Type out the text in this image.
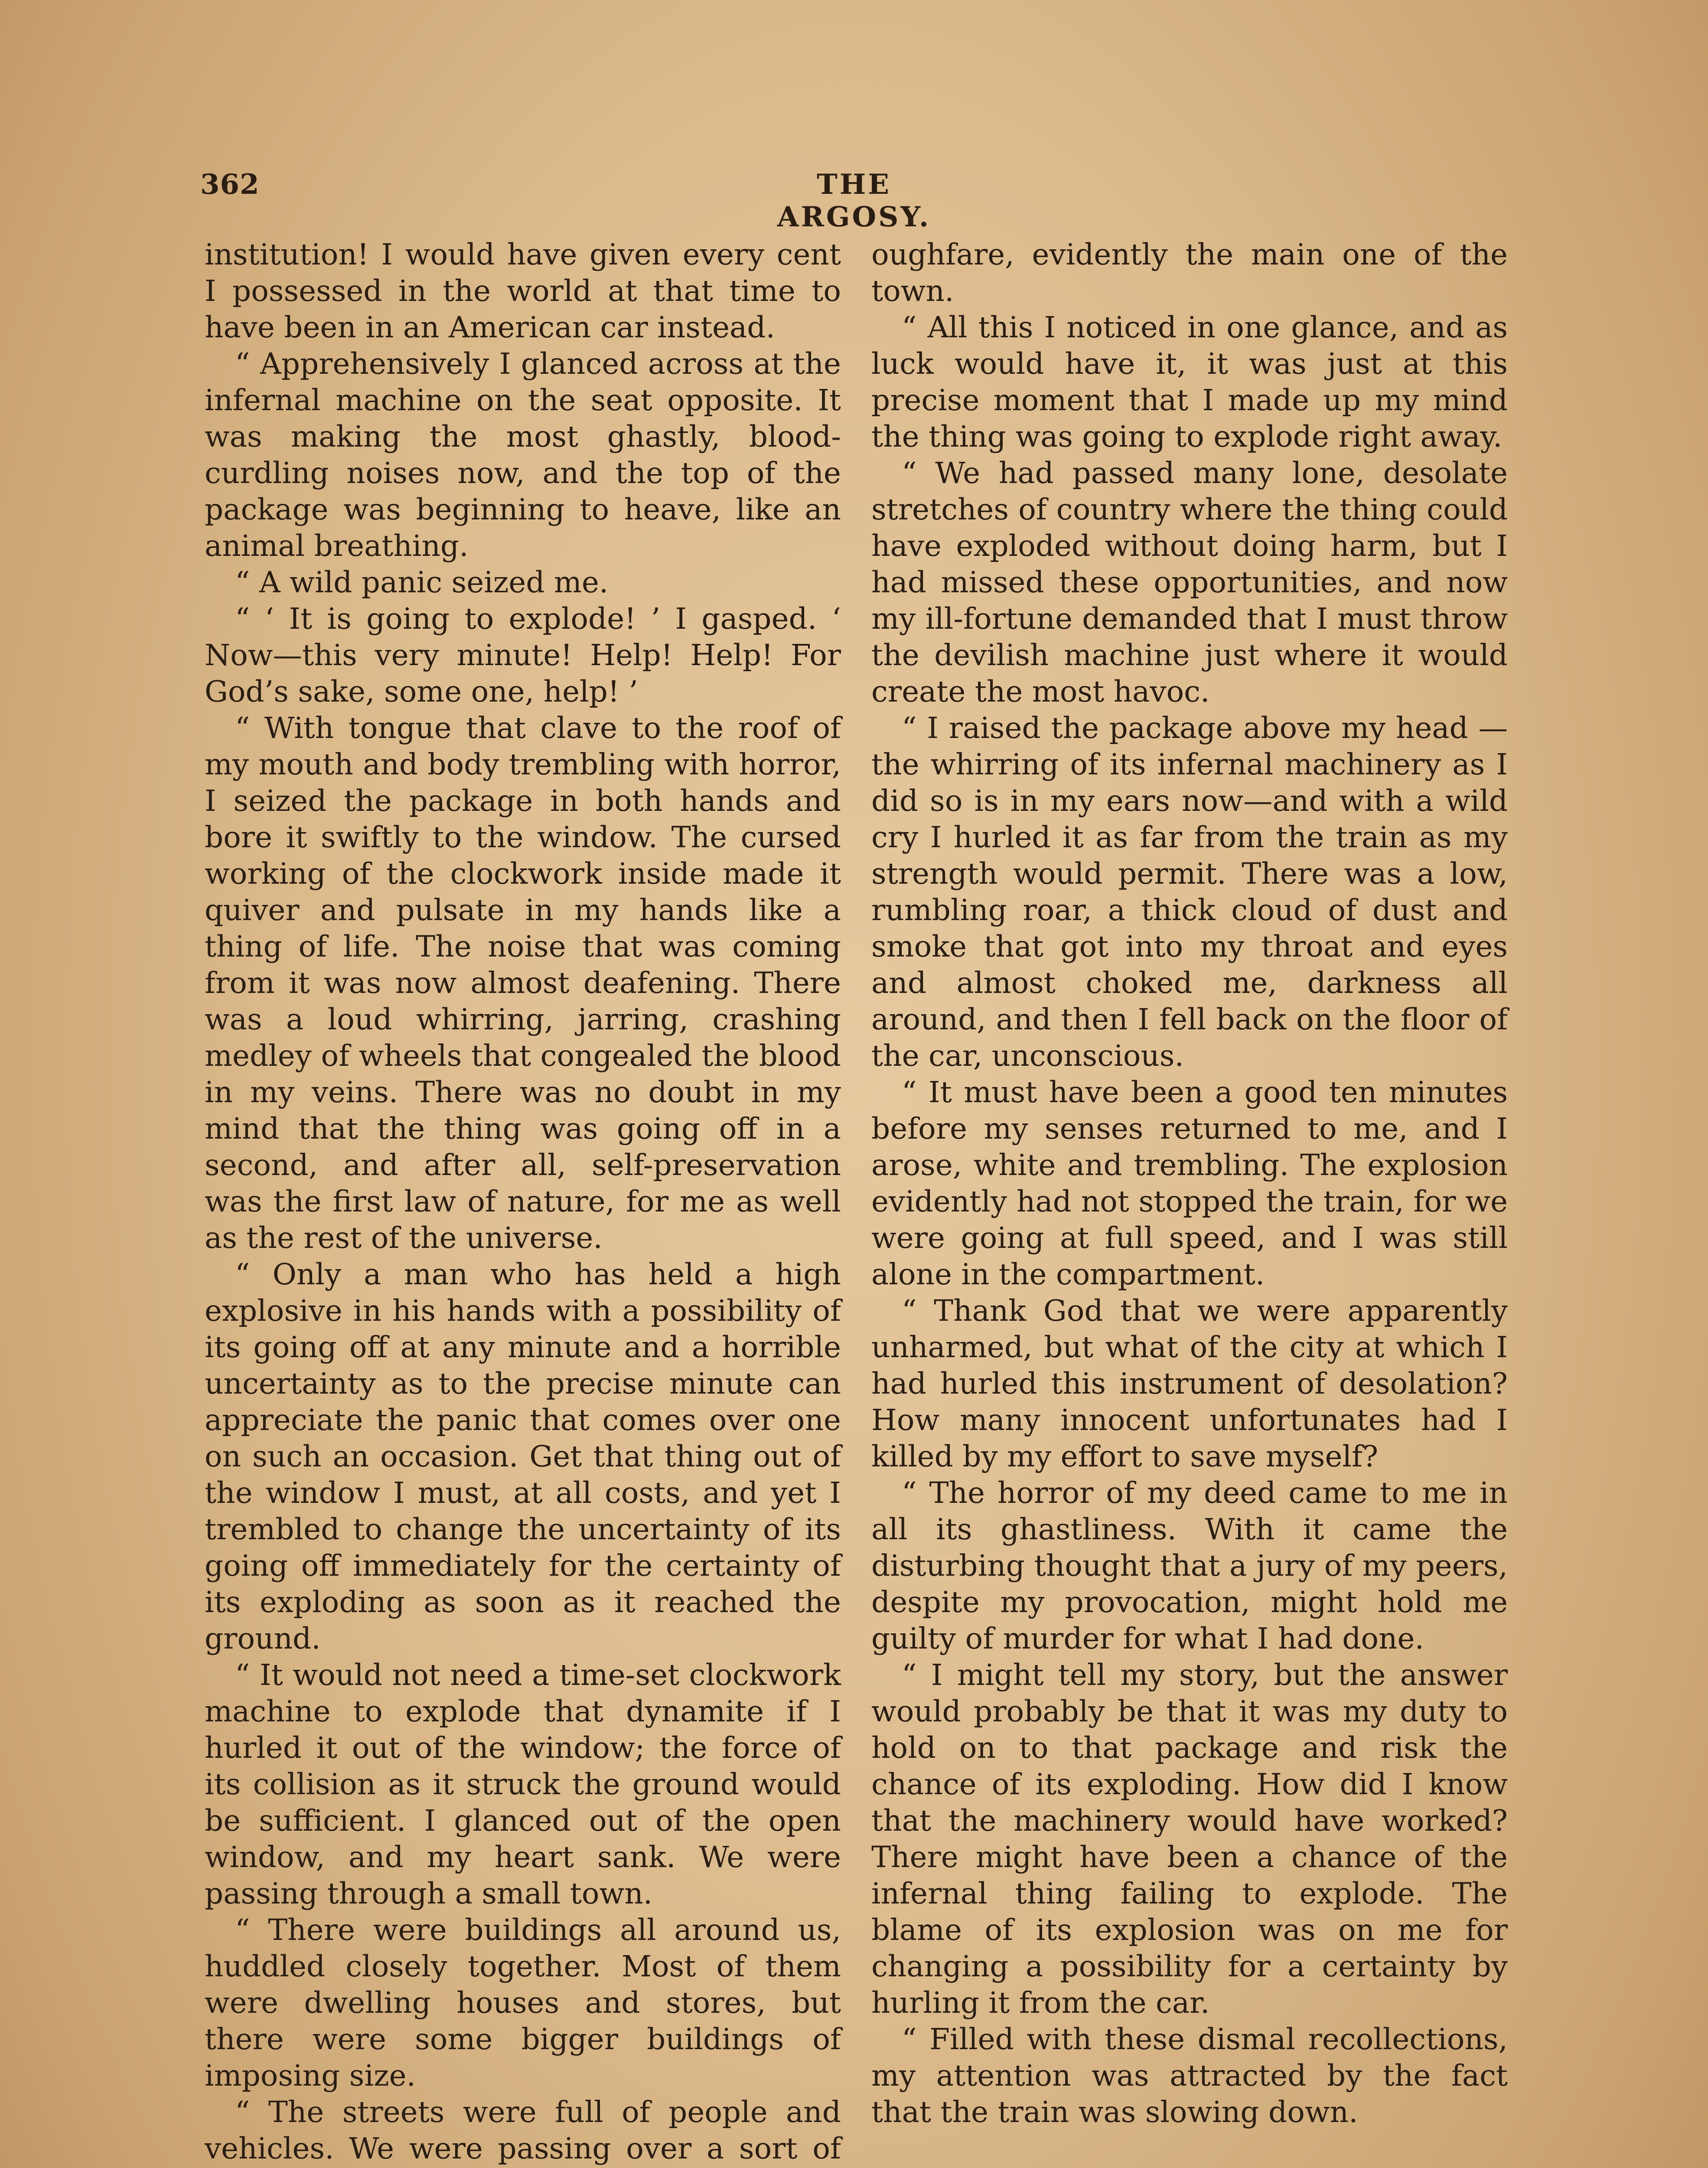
362	THE ARGOSY.

institution! I would have given every cent I possessed in the world at that time to have been in an American car instead.

“ Apprehensively I glanced across at the infernal machine on the seat opposite. It was making the most ghastly, blood-curdling noises now, and the top of the package was beginning to heave, like an animal breathing.

“ A wild panic seized me.

“ ‘ It is going to explode! ’ I gasped. ‘ Now—this very minute! Help! Help! For God’s sake, some one, help! ’

“ With tongue that clave to the roof of my mouth and body trembling with horror, I seized the package in both hands and bore it swiftly to the window. The cursed working of the clockwork inside made it quiver and pulsate in my hands like a thing of life. The noise that was coming from it was now almost deafening. There was a loud whirring, jarring, crashing medley of wheels that congealed the blood in my veins. There was no doubt in my mind that the thing was going off in a second, and after all, self-preservation was the first law of nature, for me as well as the rest of the universe.

“ Only a man who has held a high explosive in his hands with a possibility of its going off at any minute and a horrible uncertainty as to the precise minute can appreciate the panic that comes over one on such an occasion. Get that thing out of the window I must, at all costs, and yet I trembled to change the uncertainty of its going off immediately for the certainty of its exploding as soon as it reached the ground.

“ It would not need a time-set clockwork machine to explode that dynamite if I hurled it out of the window; the force of its collision as it struck the ground would be sufficient. I glanced out of the open window, and my heart sank. We were passing through a small town.

“ There were buildings all around us, huddled closely together. Most of them were dwelling houses and stores, but there were some bigger buildings of imposing size.

“ The streets were full of people and vehicles. We were passing over a sort of

oughfare, evidently the main one of the town.

“ All this I noticed in one glance, and as luck would have it, it was just at this precise moment that I made up my mind the thing was going to explode right away.

“ We had passed many lone, desolate stretches of country where the thing could have exploded without doing harm, but I had missed these opportunities, and now my ill-fortune demanded that I must throw the devilish machine just where it would create the most havoc.

“ I raised the package above my head —the whirring of its infernal machinery as I did so is in my ears now—and with a wild cry I hurled it as far from the train as my strength would permit. There was a low, rumbling roar, a thick cloud of dust and smoke that got into my throat and eyes and almost choked me, darkness all around, and then I fell back on the floor of the car, unconscious.

“ It must have been a good ten minutes before my senses returned to me, and I arose, white and trembling. The explosion evidently had not stopped the train, for we were going at full speed, and I was still alone in the compartment.

“ Thank God that we were apparently unharmed, but what of the city at which I had hurled this instrument of desolation? How many innocent unfortunates had I killed by my effort to save myself?

“ The horror of my deed came to me in all its ghastliness. With it came the disturbing thought that a jury of my peers, despite my provocation, might hold me guilty of murder for what I had done.

“ I might tell my story, but the answer would probably be that it was my duty to hold on to that package and risk the chance of its exploding. How did I know that the machinery would have worked? There might have been a chance of the infernal thing failing to explode. The blame of its explosion was on me for changing a possibility for a certainty by hurling it from the car.

“ Filled with these dismal recollections, my attention was attracted by the fact that the train was slowing down.
